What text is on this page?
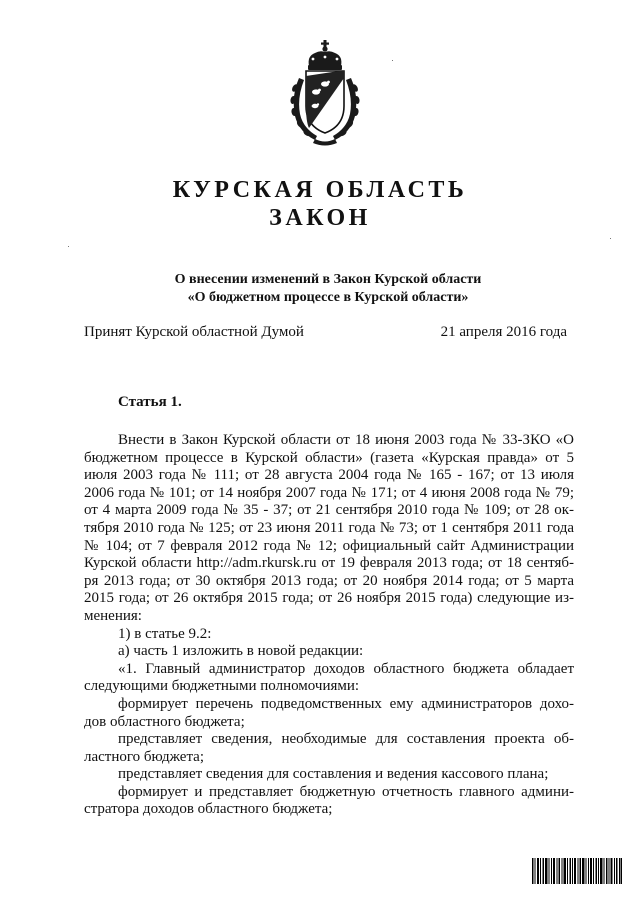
КУРСКАЯ ОБЛАСТЬ
ЗАКОН
О внесении изменений в Закон Курской области
«О бюджетном процессе в Курской области»
Принят Курской областной Думой	21 апреля 2016 года
Статья 1.
Внести в Закон Курской области от 18 июня 2003 года № 33-ЗКО «О
бюджетном процессе в Курской области» (газета «Курская правда» от 5
июля 2003 года № 111; от 28 августа 2004 года № 165 - 167; от 13 июля
2006 года № 101; от 14 ноября 2007 года № 171; от 4 июня 2008 года № 79;
от 4 марта 2009 года № 35 - 37; от 21 сентября 2010 года № 109; от 28 ок-
тября 2010 года № 125; от 23 июня 2011 года № 73; от 1 сентября 2011 года
№ 104; от 7 февраля 2012 года № 12; официальный сайт Администрации
Курской области http://adm.rkursk.ru от 19 февраля 2013 года; от 18 сентяб-
ря 2013 года; от 30 октября 2013 года; от 20 ноября 2014 года; от 5 марта
2015 года; от 26 октября 2015 года; от 26 ноября 2015 года) следующие из-
менения:
1) в статье 9.2:
а) часть 1 изложить в новой редакции:
«1. Главный администратор доходов областного бюджета обладает
следующими бюджетными полномочиями:
формирует перечень подведомственных ему администраторов дохо-
дов областного бюджета;
представляет сведения, необходимые для составления проекта об-
ластного бюджета;
представляет сведения для составления и ведения кассового плана;
формирует и представляет бюджетную отчетность главного админи-
стратора доходов областного бюджета;
